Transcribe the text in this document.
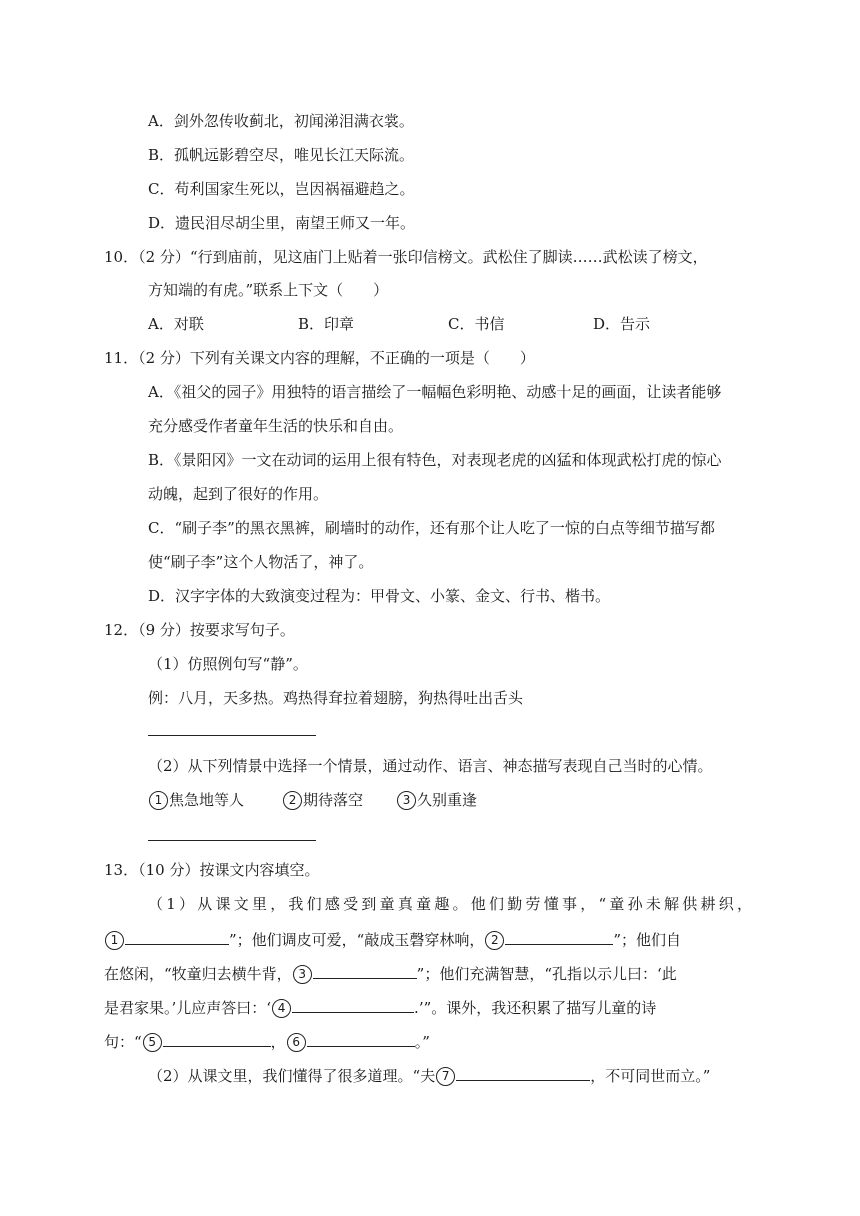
A．剑外忽传收蓟北，初闻涕泪满衣裳。
B．孤帆远影碧空尽，唯见长江天际流。
C．苟利国家生死以，岂因祸福避趋之。
D．遗民泪尽胡尘里，南望王师又一年。
10．（2 分）“行到庙前，见这庙门上贴着一张印信榜文。武松住了脚读……武松读了榜文，
方知端的有虎。”联系上下文（　　）
A．对联	B．印章	C．书信	D．告示
11．（2 分）下列有关课文内容的理解，不正确的一项是（　　）
A．《祖父的园子》用独特的语言描绘了一幅幅色彩明艳、动感十足的画面，让读者能够
充分感受作者童年生活的快乐和自由。
B．《景阳冈》一文在动词的运用上很有特色，对表现老虎的凶猛和体现武松打虎的惊心
动魄，起到了很好的作用。
C．“刷子李”的黑衣黑裤，刷墙时的动作，还有那个让人吃了一惊的白点等细节描写都
使“刷子李”这个人物活了，神了。
D．汉字字体的大致演变过程为：甲骨文、小篆、金文、行书、楷书。
12．（9 分）按要求写句子。
（1）仿照例句写“静”。
例：八月，天多热。鸡热得耷拉着翅膀，狗热得吐出舌头
（2）从下列情景中选择一个情景，通过动作、语言、神态描写表现自己当时的心情。
1 焦急地等人	2 期待落空	3 久别重逢
13．（10 分）按课文内容填空。
（1）从课文里，我们感受到童真童趣。他们勤劳懂事，“童孙未解供耕织，
1	”；他们调皮可爱，“敲成玉磬穿林响， 2	”；他们自
在悠闲，“牧童归去横牛背， 3	”；他们充满智慧，“孔指以示儿曰：‘此
是君家果。’儿应声答曰：‘ 4	.’”。课外，我还积累了描写儿童的诗
句：“ 5	， 6	。”
（2）从课文里，我们懂得了很多道理。“夫 7	，不可同世而立。”
